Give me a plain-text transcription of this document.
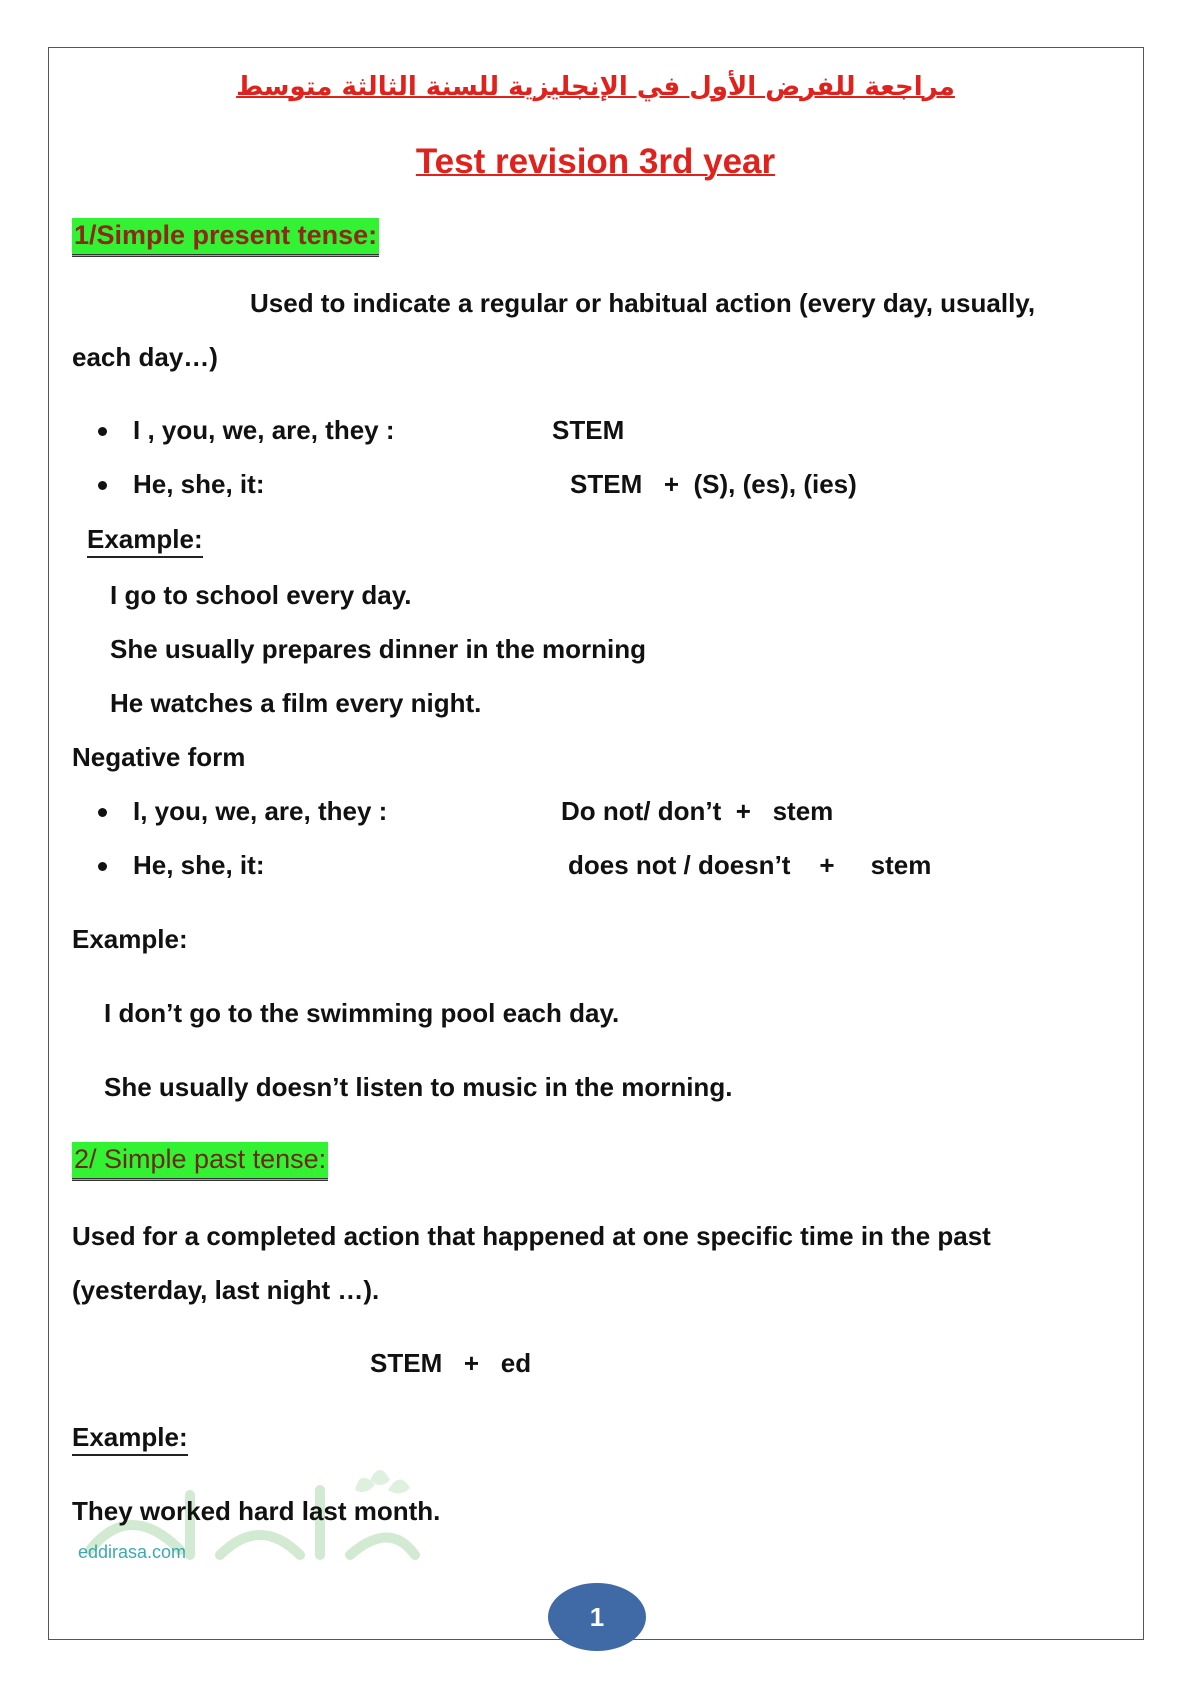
مراجعة للفرض الأول في الإنجليزية للسنة الثالثة متوسط
Test revision 3rd year
1/Simple present tense:
Used to indicate a regular or habitual action (every day, usually,
each day…)
I , you, we, are, they :	STEM
He, she, it:	STEM   +  (S), (es), (ies)
Example:
I go to school every day.
She usually prepares dinner in the morning
He watches a film every night.
Negative form
I, you, we, are, they :	Do not/ don’t  +   stem
He, she, it:	does not / doesn’t    +     stem
Example:
I don’t go to the swimming pool each day.
She usually doesn’t listen to music in the morning.
2/ Simple past tense:
Used for a completed action that happened at one specific time in the past
(yesterday, last night …).
STEM   +   ed
Example:
They worked hard last month.
eddirasa.com
1
